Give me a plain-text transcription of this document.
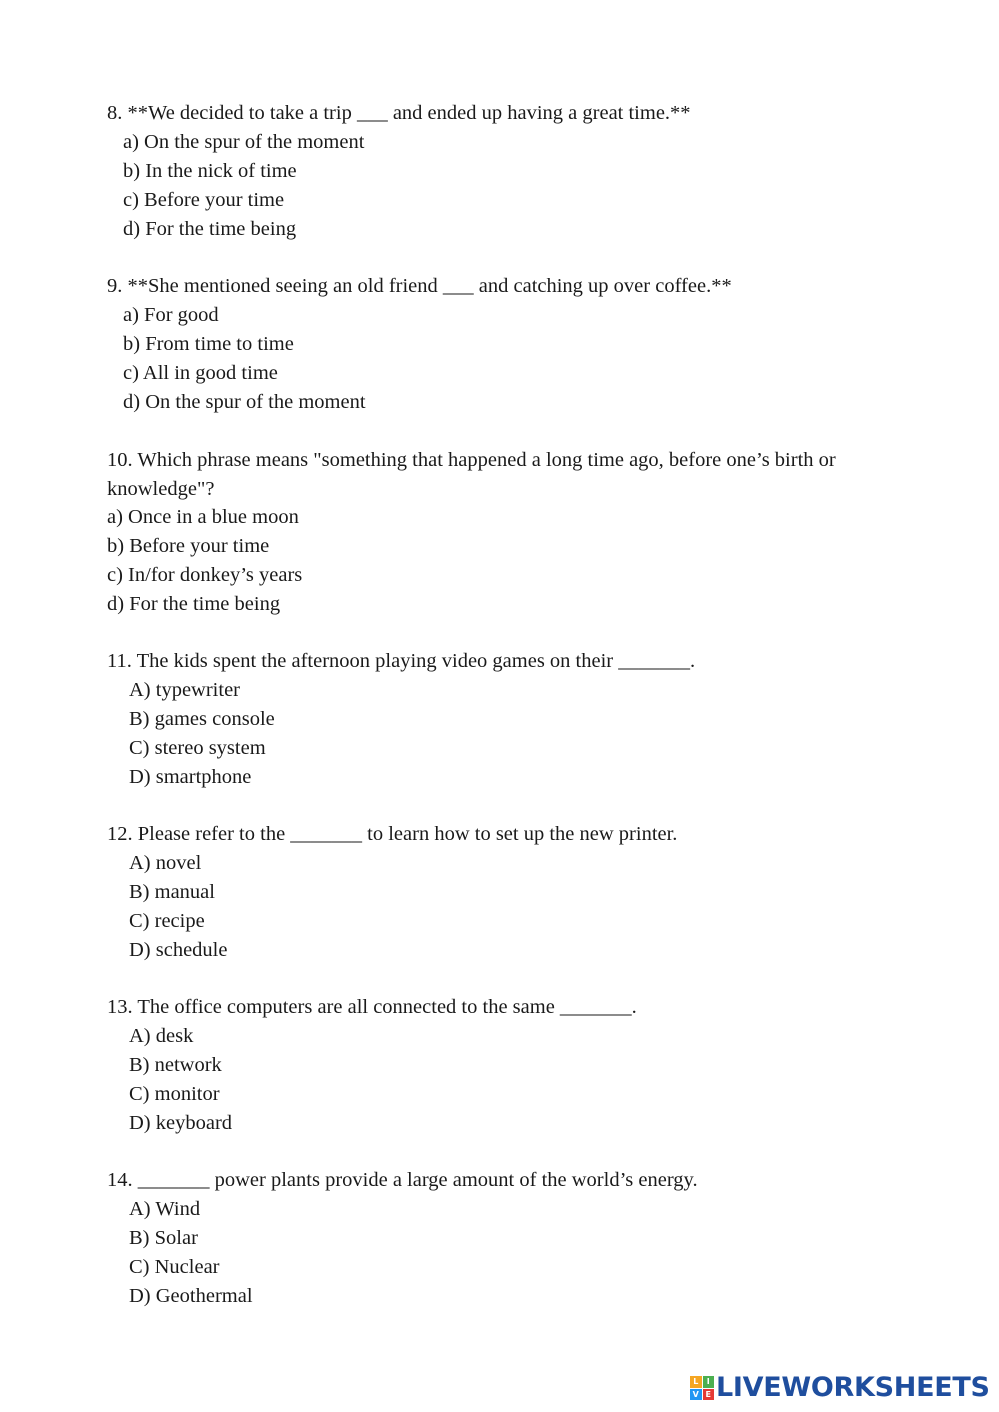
8. **We decided to take a trip ___ and ended up having a great time.**
a) On the spur of the moment
b) In the nick of time
c) Before your time
d) For the time being
9. **She mentioned seeing an old friend ___ and catching up over coffee.**
a) For good
b) From time to time
c) All in good time
d) On the spur of the moment
10. Which phrase means "something that happened a long time ago, before one’s birth or
knowledge"?
a) Once in a blue moon
b) Before your time
c) In/for donkey’s years
d) For the time being
11. The kids spent the afternoon playing video games on their _______.
A) typewriter
B) games console
C) stereo system
D) smartphone
12. Please refer to the _______ to learn how to set up the new printer.
A) novel
B) manual
C) recipe
D) schedule
13. The office computers are all connected to the same _______.
A) desk
B) network
C) monitor
D) keyboard
14. _______ power plants provide a large amount of the world’s energy.
A) Wind
B) Solar
C) Nuclear
D) Geothermal
L	I
V E LIVEWORKSHEETS
